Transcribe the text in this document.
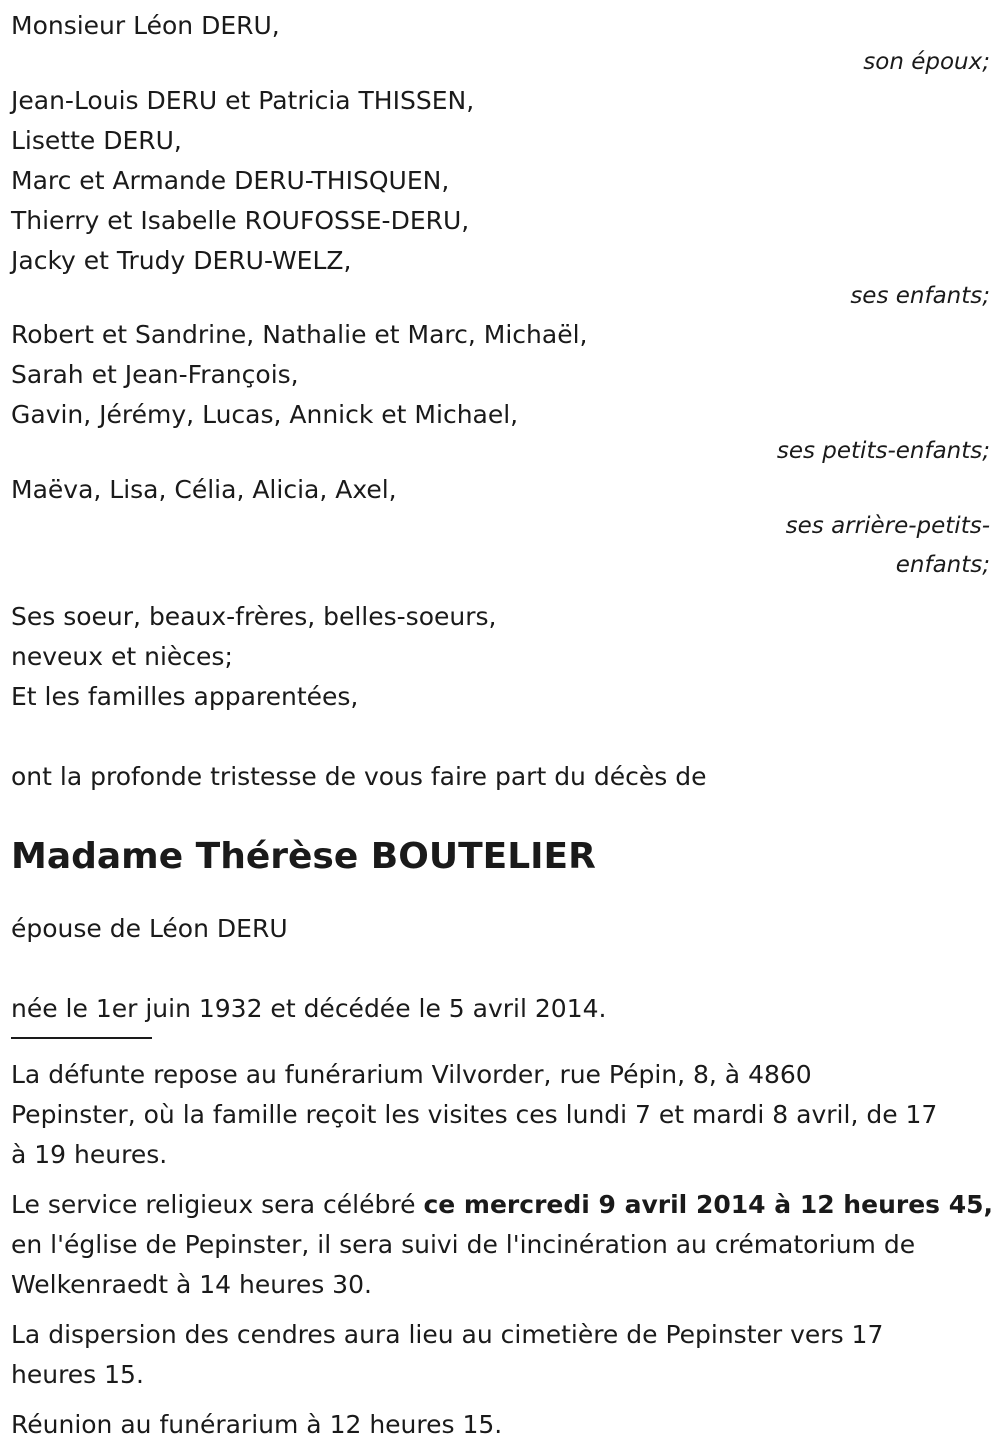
Monsieur Léon DERU,
son époux;
Jean-Louis DERU et Patricia THISSEN,
Lisette DERU,
Marc et Armande DERU-THISQUEN,
Thierry et Isabelle ROUFOSSE-DERU,
Jacky et Trudy DERU-WELZ,
ses enfants;
Robert et Sandrine, Nathalie et Marc, Michaël,
Sarah et Jean-François,
Gavin, Jérémy, Lucas, Annick et Michael,
ses petits-enfants;
Maëva, Lisa, Célia, Alicia, Axel,
ses arrière-petits-
enfants;
Ses soeur, beaux-frères, belles-soeurs,
neveux et nièces;
Et les familles apparentées,
ont la profonde tristesse de vous faire part du décès de
Madame Thérèse BOUTELIER
épouse de Léon DERU
née le 1er juin 1932 et décédée le 5 avril 2014.
La défunte repose au funérarium Vilvorder, rue Pépin, 8, à 4860
Pepinster, où la famille reçoit les visites ces lundi 7 et mardi 8 avril, de 17
à 19 heures.
Le service religieux sera célébré ce mercredi 9 avril 2014 à 12 heures 45,
en l'église de Pepinster, il sera suivi de l'incinération au crématorium de
Welkenraedt à 14 heures 30.
La dispersion des cendres aura lieu au cimetière de Pepinster vers 17
heures 15.
Réunion au funérarium à 12 heures 15.
